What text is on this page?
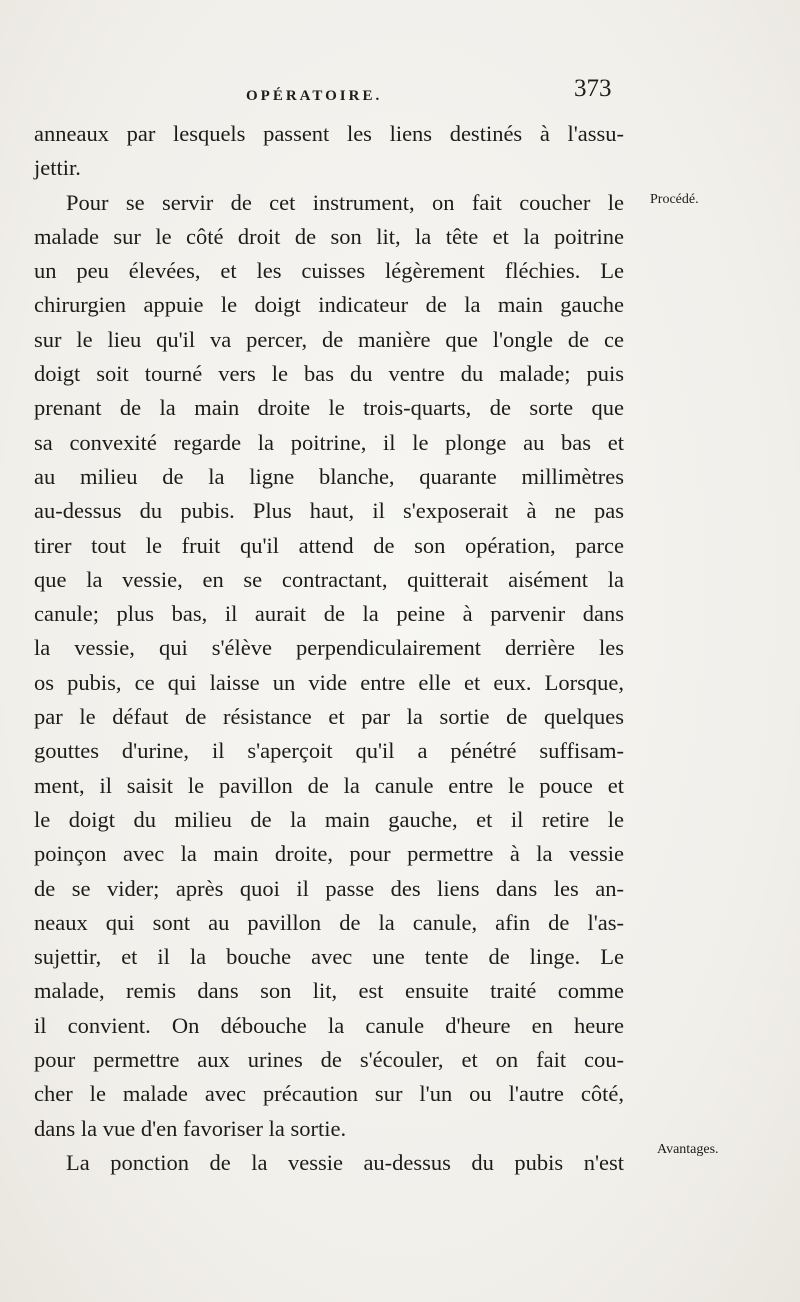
OPÉRATOIRE.	373
anneaux par lesquels passent les liens destinés à l'assu-
jettir.
Pour se servir de cet instrument, on fait coucher le
malade sur le côté droit de son lit, la tête et la poitrine
un peu élevées, et les cuisses légèrement fléchies. Le
chirurgien appuie le doigt indicateur de la main gauche
sur le lieu qu'il va percer, de manière que l'ongle de ce
doigt soit tourné vers le bas du ventre du malade; puis
prenant de la main droite le trois-quarts, de sorte que
sa convexité regarde la poitrine, il le plonge au bas et
au milieu de la ligne blanche, quarante millimètres
au-dessus du pubis. Plus haut, il s'exposerait à ne pas
tirer tout le fruit qu'il attend de son opération, parce
que la vessie, en se contractant, quitterait aisément la
canule; plus bas, il aurait de la peine à parvenir dans
la vessie, qui s'élève perpendiculairement derrière les
os pubis, ce qui laisse un vide entre elle et eux. Lorsque,
par le défaut de résistance et par la sortie de quelques
gouttes d'urine, il s'aperçoit qu'il a pénétré suffisam-
ment, il saisit le pavillon de la canule entre le pouce et
le doigt du milieu de la main gauche, et il retire le
poinçon avec la main droite, pour permettre à la vessie
de se vider; après quoi il passe des liens dans les an-
neaux qui sont au pavillon de la canule, afin de l'as-
sujettir, et il la bouche avec une tente de linge. Le
malade, remis dans son lit, est ensuite traité comme
il convient. On débouche la canule d'heure en heure
pour permettre aux urines de s'écouler, et on fait cou-
cher le malade avec précaution sur l'un ou l'autre côté,
dans la vue d'en favoriser la sortie.
La ponction de la vessie au-dessus du pubis n'est
Procédé.
Avantages.
